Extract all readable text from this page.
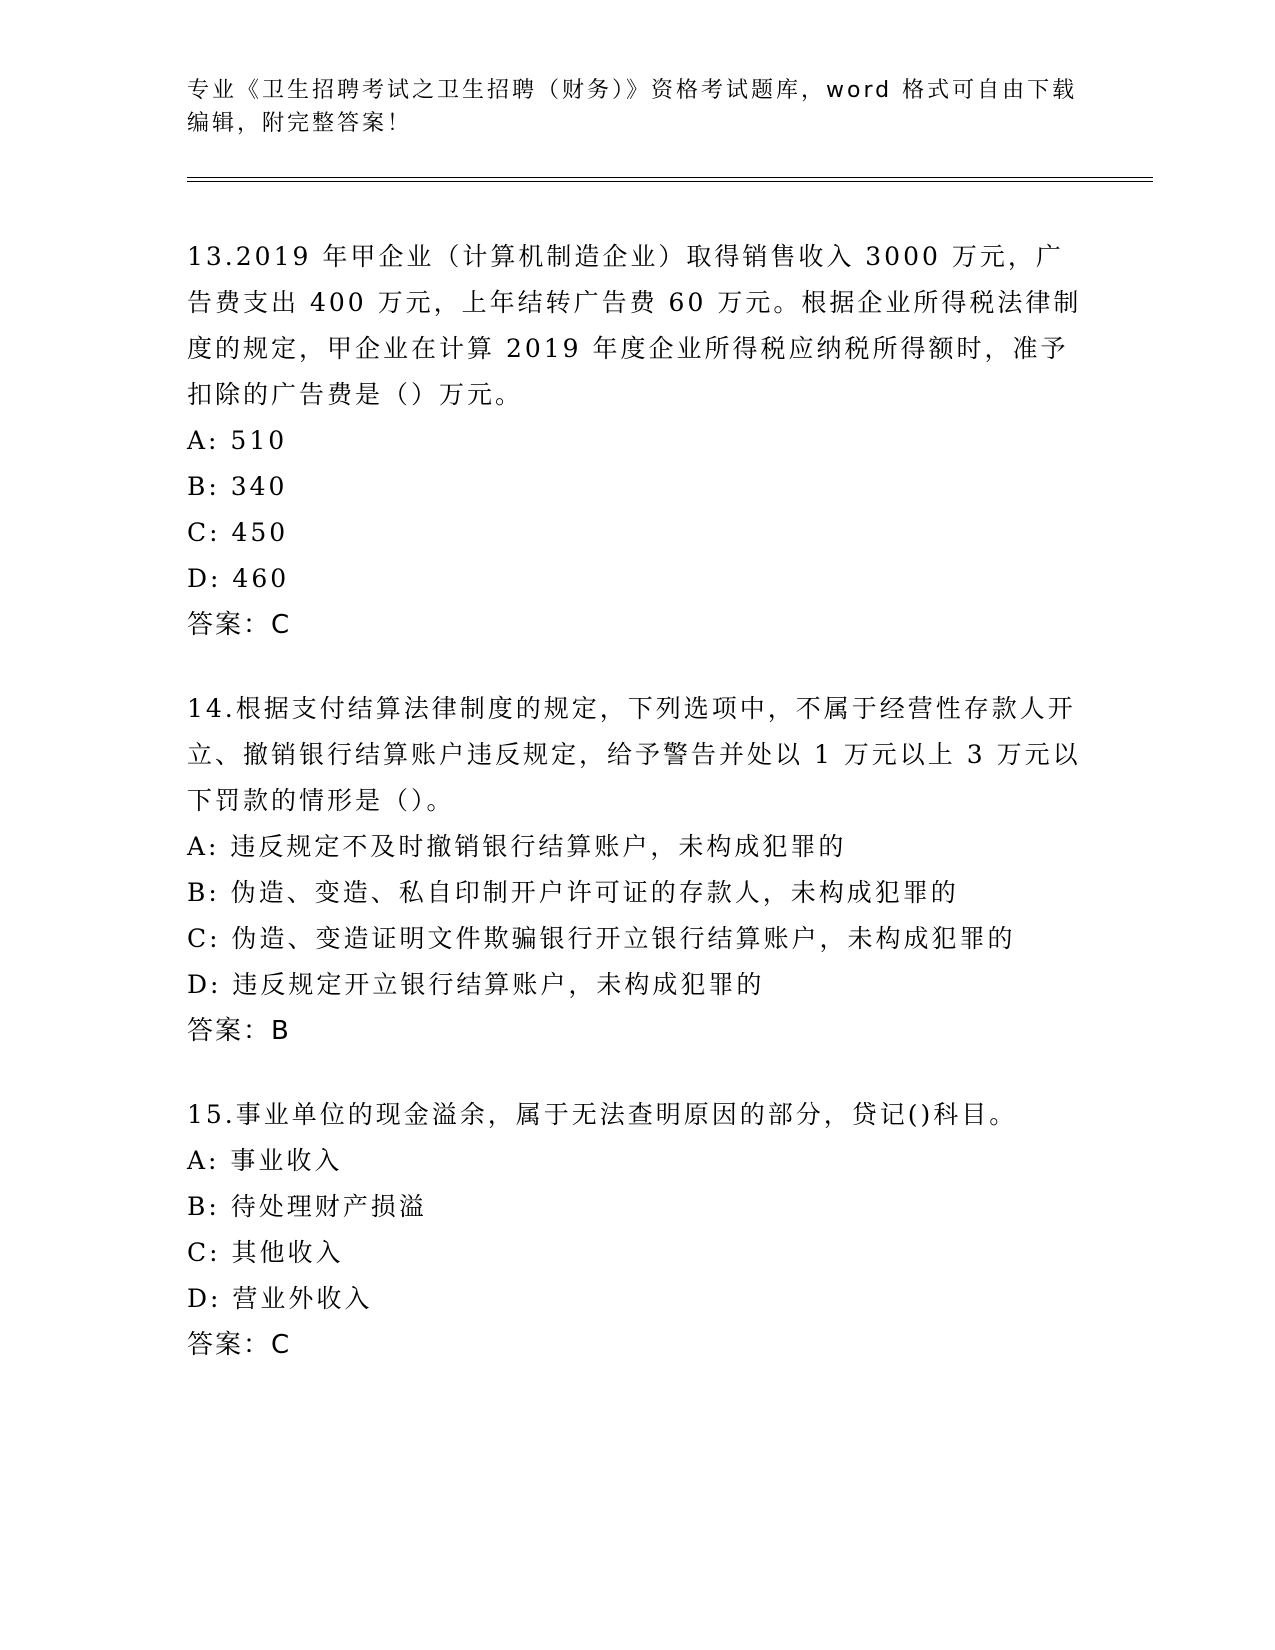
专业《卫生招聘考试之卫生招聘（财务）》资格考试题库，word 格式可自由下载编辑，附完整答案！
13.2019 年甲企业（计算机制造企业）取得销售收入 3000 万元，广告费支出 400 万元，上年结转广告费 60 万元。根据企业所得税法律制度的规定，甲企业在计算 2019 年度企业所得税应纳税所得额时，准予扣除的广告费是（）万元。
A: 510
B: 340
C: 450
D: 460
答案：C
14.根据支付结算法律制度的规定，下列选项中，不属于经营性存款人开立、撤销银行结算账户违反规定，给予警告并处以 1 万元以上 3 万元以下罚款的情形是（）。
A: 违反规定不及时撤销银行结算账户，未构成犯罪的
B: 伪造、变造、私自印制开户许可证的存款人，未构成犯罪的
C: 伪造、变造证明文件欺骗银行开立银行结算账户，未构成犯罪的
D: 违反规定开立银行结算账户，未构成犯罪的
答案：B
15.事业单位的现金溢余，属于无法查明原因的部分，贷记()科目。
A: 事业收入
B: 待处理财产损溢
C: 其他收入
D: 营业外收入
答案：C
